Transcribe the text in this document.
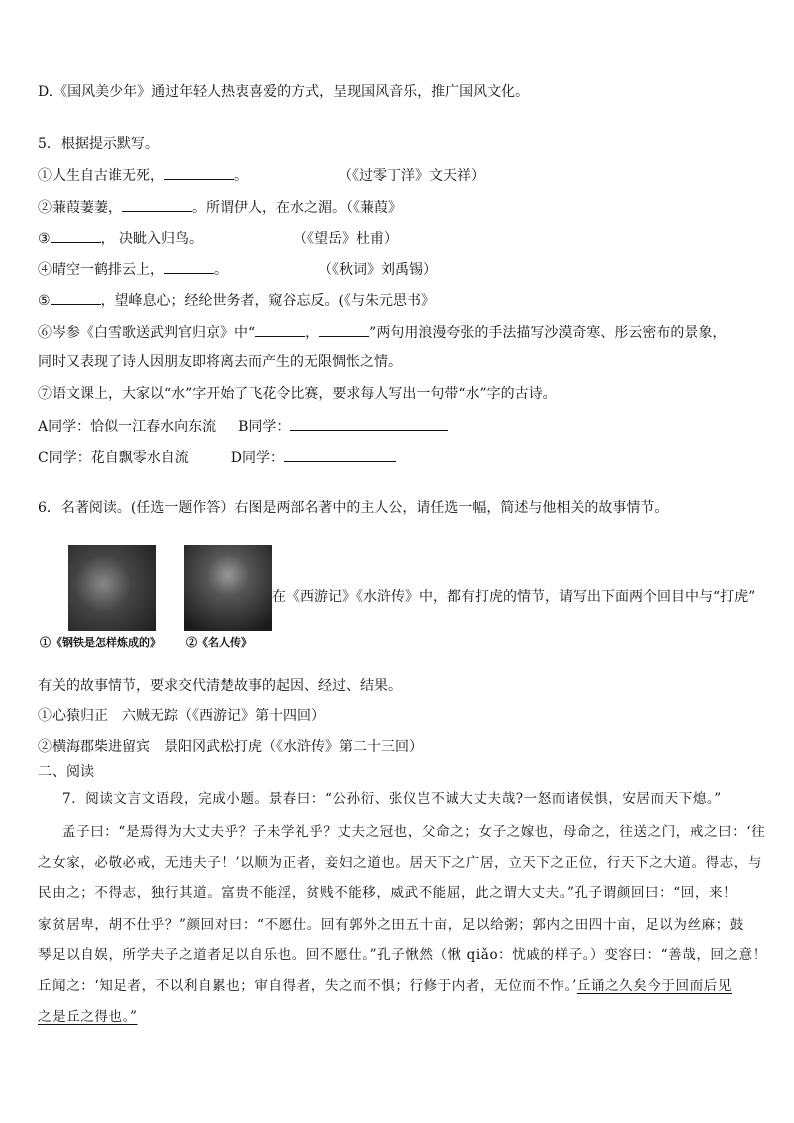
D.《国风美少年》通过年轻人热衷喜爱的方式，呈现国风音乐，推广国风文化。
5．根据提示默写。
①人生自古谁无死，	。	（《过零丁洋》文天祥）
②蒹葭萋萋，	。所谓伊人，在水之湄。（《蒹葭》
③	， 决眦入归鸟。	（《望岳》杜甫）
④晴空一鹤排云上，	。	（《秋词》刘禹锡）
⑤	，望峰息心；经纶世务者，窥谷忘反。(《与朱元思书》
⑥岑参《白雪歌送武判官归京》中“	，	”两句用浪漫夸张的手法描写沙漠奇寒、彤云密布的景象，
同时又表现了诗人因朋友即将离去而产生的无限惆怅之情。
⑦语文课上，大家以“水”字开始了飞花令比赛，要求每人写出一句带“水”字的古诗。
A同学：恰似一江春水向东流 B同学：
C同学：花自飘零水自流	D同学：
6．名著阅读。(任选一题作答）右图是两部名著中的主人公，请任选一幅，简述与他相关的故事情节。
①《钢铁是怎样炼成的》 ②《名人传》
在《西游记》《水浒传》中，都有打虎的情节，请写出下面两个回目中与“打虎”
有关的故事情节，要求交代清楚故事的起因、经过、结果。
①心猿归正　六贼无踪（《西游记》第十四回）
②横海郡柴进留宾　景阳冈武松打虎（《水浒传》第二十三回）
二、阅读
7．阅读文言文语段，完成小题。景春曰：“公孙衍、张仪岂不诚大丈夫哉?一怒而诸侯惧，安居而天下熄。”
孟子曰：“是焉得为大丈夫乎？子未学礼乎？丈夫之冠也，父命之；女子之嫁也，母命之，往送之门，戒之曰：‘往
之女家，必敬必戒，无违夫子！’以顺为正者，妾妇之道也。居天下之广居，立天下之正位，行天下之大道。得志，与
民由之；不得志，独行其道。富贵不能淫，贫贱不能移，威武不能屈，此之谓大丈夫。”孔子谓颜回曰：“回，来！
家贫居卑，胡不仕乎？”颜回对曰：“不愿仕。回有郭外之田五十亩，足以给粥；郭内之田四十亩，足以为丝麻；鼓
琴足以自娱，所学夫子之道者足以自乐也。回不愿仕。”孔子愀然（愀 qiǎo：忧戚的样子。）变容曰：“善哉，回之意！
丘闻之：‘知足者，不以利自累也；审自得者，失之而不惧；行修于内者，无位而不怍。’丘诵之久矣今于回而后见
之是丘之得也。”
